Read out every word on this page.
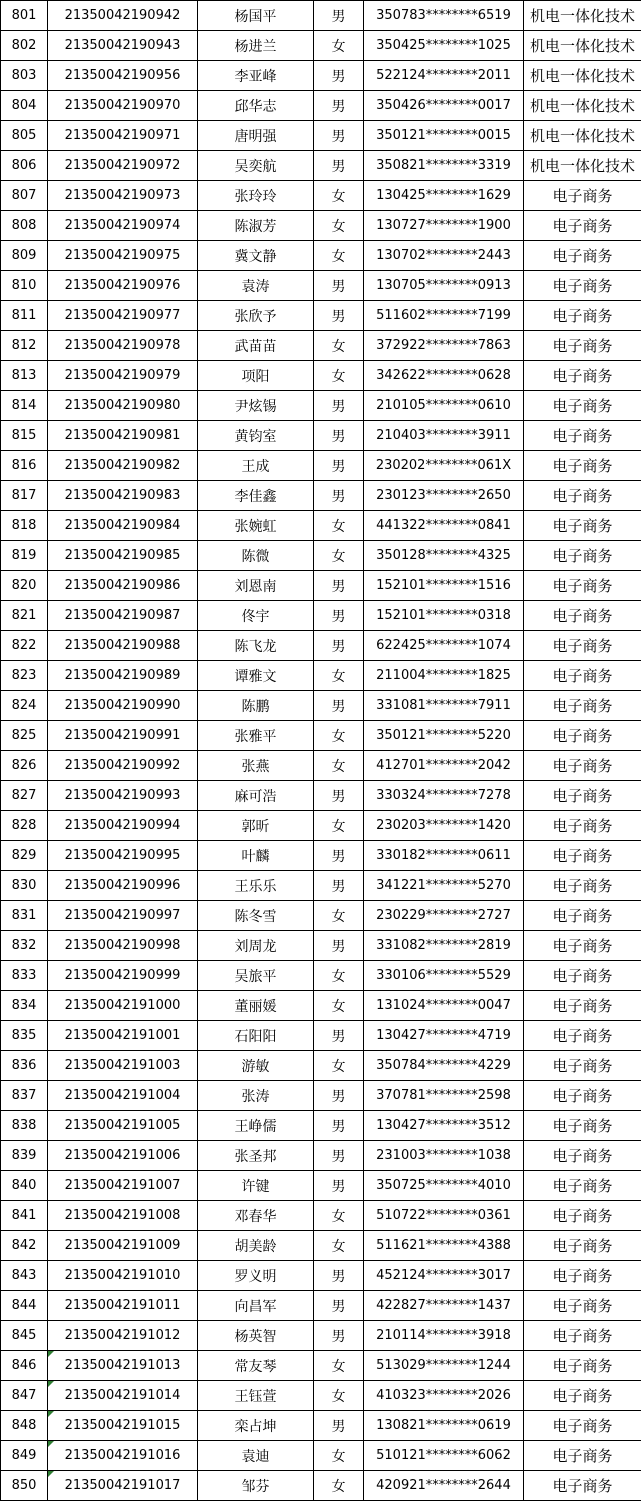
801	21350042190942	杨国平	男	350783********6519	机电一体化技术
802	21350042190943	杨进兰	女	350425********1025	机电一体化技术
803	21350042190956	李亚峰	男	522124********2011	机电一体化技术
804	21350042190970	邱华志	男	350426********0017	机电一体化技术
805	21350042190971	唐明强	男	350121********0015	机电一体化技术
806	21350042190972	吴奕航	男	350821********3319	机电一体化技术
807	21350042190973	张玲玲	女	130425********1629	电子商务
808	21350042190974	陈淑芳	女	130727********1900	电子商务
809	21350042190975	冀文静	女	130702********2443	电子商务
810	21350042190976	袁涛	男	130705********0913	电子商务
811	21350042190977	张欣予	男	511602********7199	电子商务
812	21350042190978	武苗苗	女	372922********7863	电子商务
813	21350042190979	项阳	女	342622********0628	电子商务
814	21350042190980	尹炫锡	男	210105********0610	电子商务
815	21350042190981	黄钧室	男	210403********3911	电子商务
816	21350042190982	王成	男	230202********061X	电子商务
817	21350042190983	李佳鑫	男	230123********2650	电子商务
818	21350042190984	张婉虹	女	441322********0841	电子商务
819	21350042190985	陈微	女	350128********4325	电子商务
820	21350042190986	刘恩南	男	152101********1516	电子商务
821	21350042190987	佟宇	男	152101********0318	电子商务
822	21350042190988	陈飞龙	男	622425********1074	电子商务
823	21350042190989	谭雅文	女	211004********1825	电子商务
824	21350042190990	陈鹏	男	331081********7911	电子商务
825	21350042190991	张雅平	女	350121********5220	电子商务
826	21350042190992	张燕	女	412701********2042	电子商务
827	21350042190993	麻可浩	男	330324********7278	电子商务
828	21350042190994	郭昕	女	230203********1420	电子商务
829	21350042190995	叶麟	男	330182********0611	电子商务
830	21350042190996	王乐乐	男	341221********5270	电子商务
831	21350042190997	陈冬雪	女	230229********2727	电子商务
832	21350042190998	刘周龙	男	331082********2819	电子商务
833	21350042190999	吴旅平	女	330106********5529	电子商务
834	21350042191000	董丽媛	女	131024********0047	电子商务
835	21350042191001	石阳阳	男	130427********4719	电子商务
836	21350042191003	游敏	女	350784********4229	电子商务
837	21350042191004	张涛	男	370781********2598	电子商务
838	21350042191005	王峥儒	男	130427********3512	电子商务
839	21350042191006	张圣邦	男	231003********1038	电子商务
840	21350042191007	许键	男	350725********4010	电子商务
841	21350042191008	邓春华	女	510722********0361	电子商务
842	21350042191009	胡美龄	女	511621********4388	电子商务
843	21350042191010	罗义明	男	452124********3017	电子商务
844	21350042191011	向昌军	男	422827********1437	电子商务
845	21350042191012	杨英智	男	210114********3918	电子商务
846	21350042191013	常友琴	女	513029********1244	电子商务
847	21350042191014	王钰萱	女	410323********2026	电子商务
848	21350042191015	栾占坤	男	130821********0619	电子商务
849	21350042191016	袁迪	女	510121********6062	电子商务
850	21350042191017	邹芬	女	420921********2644	电子商务
